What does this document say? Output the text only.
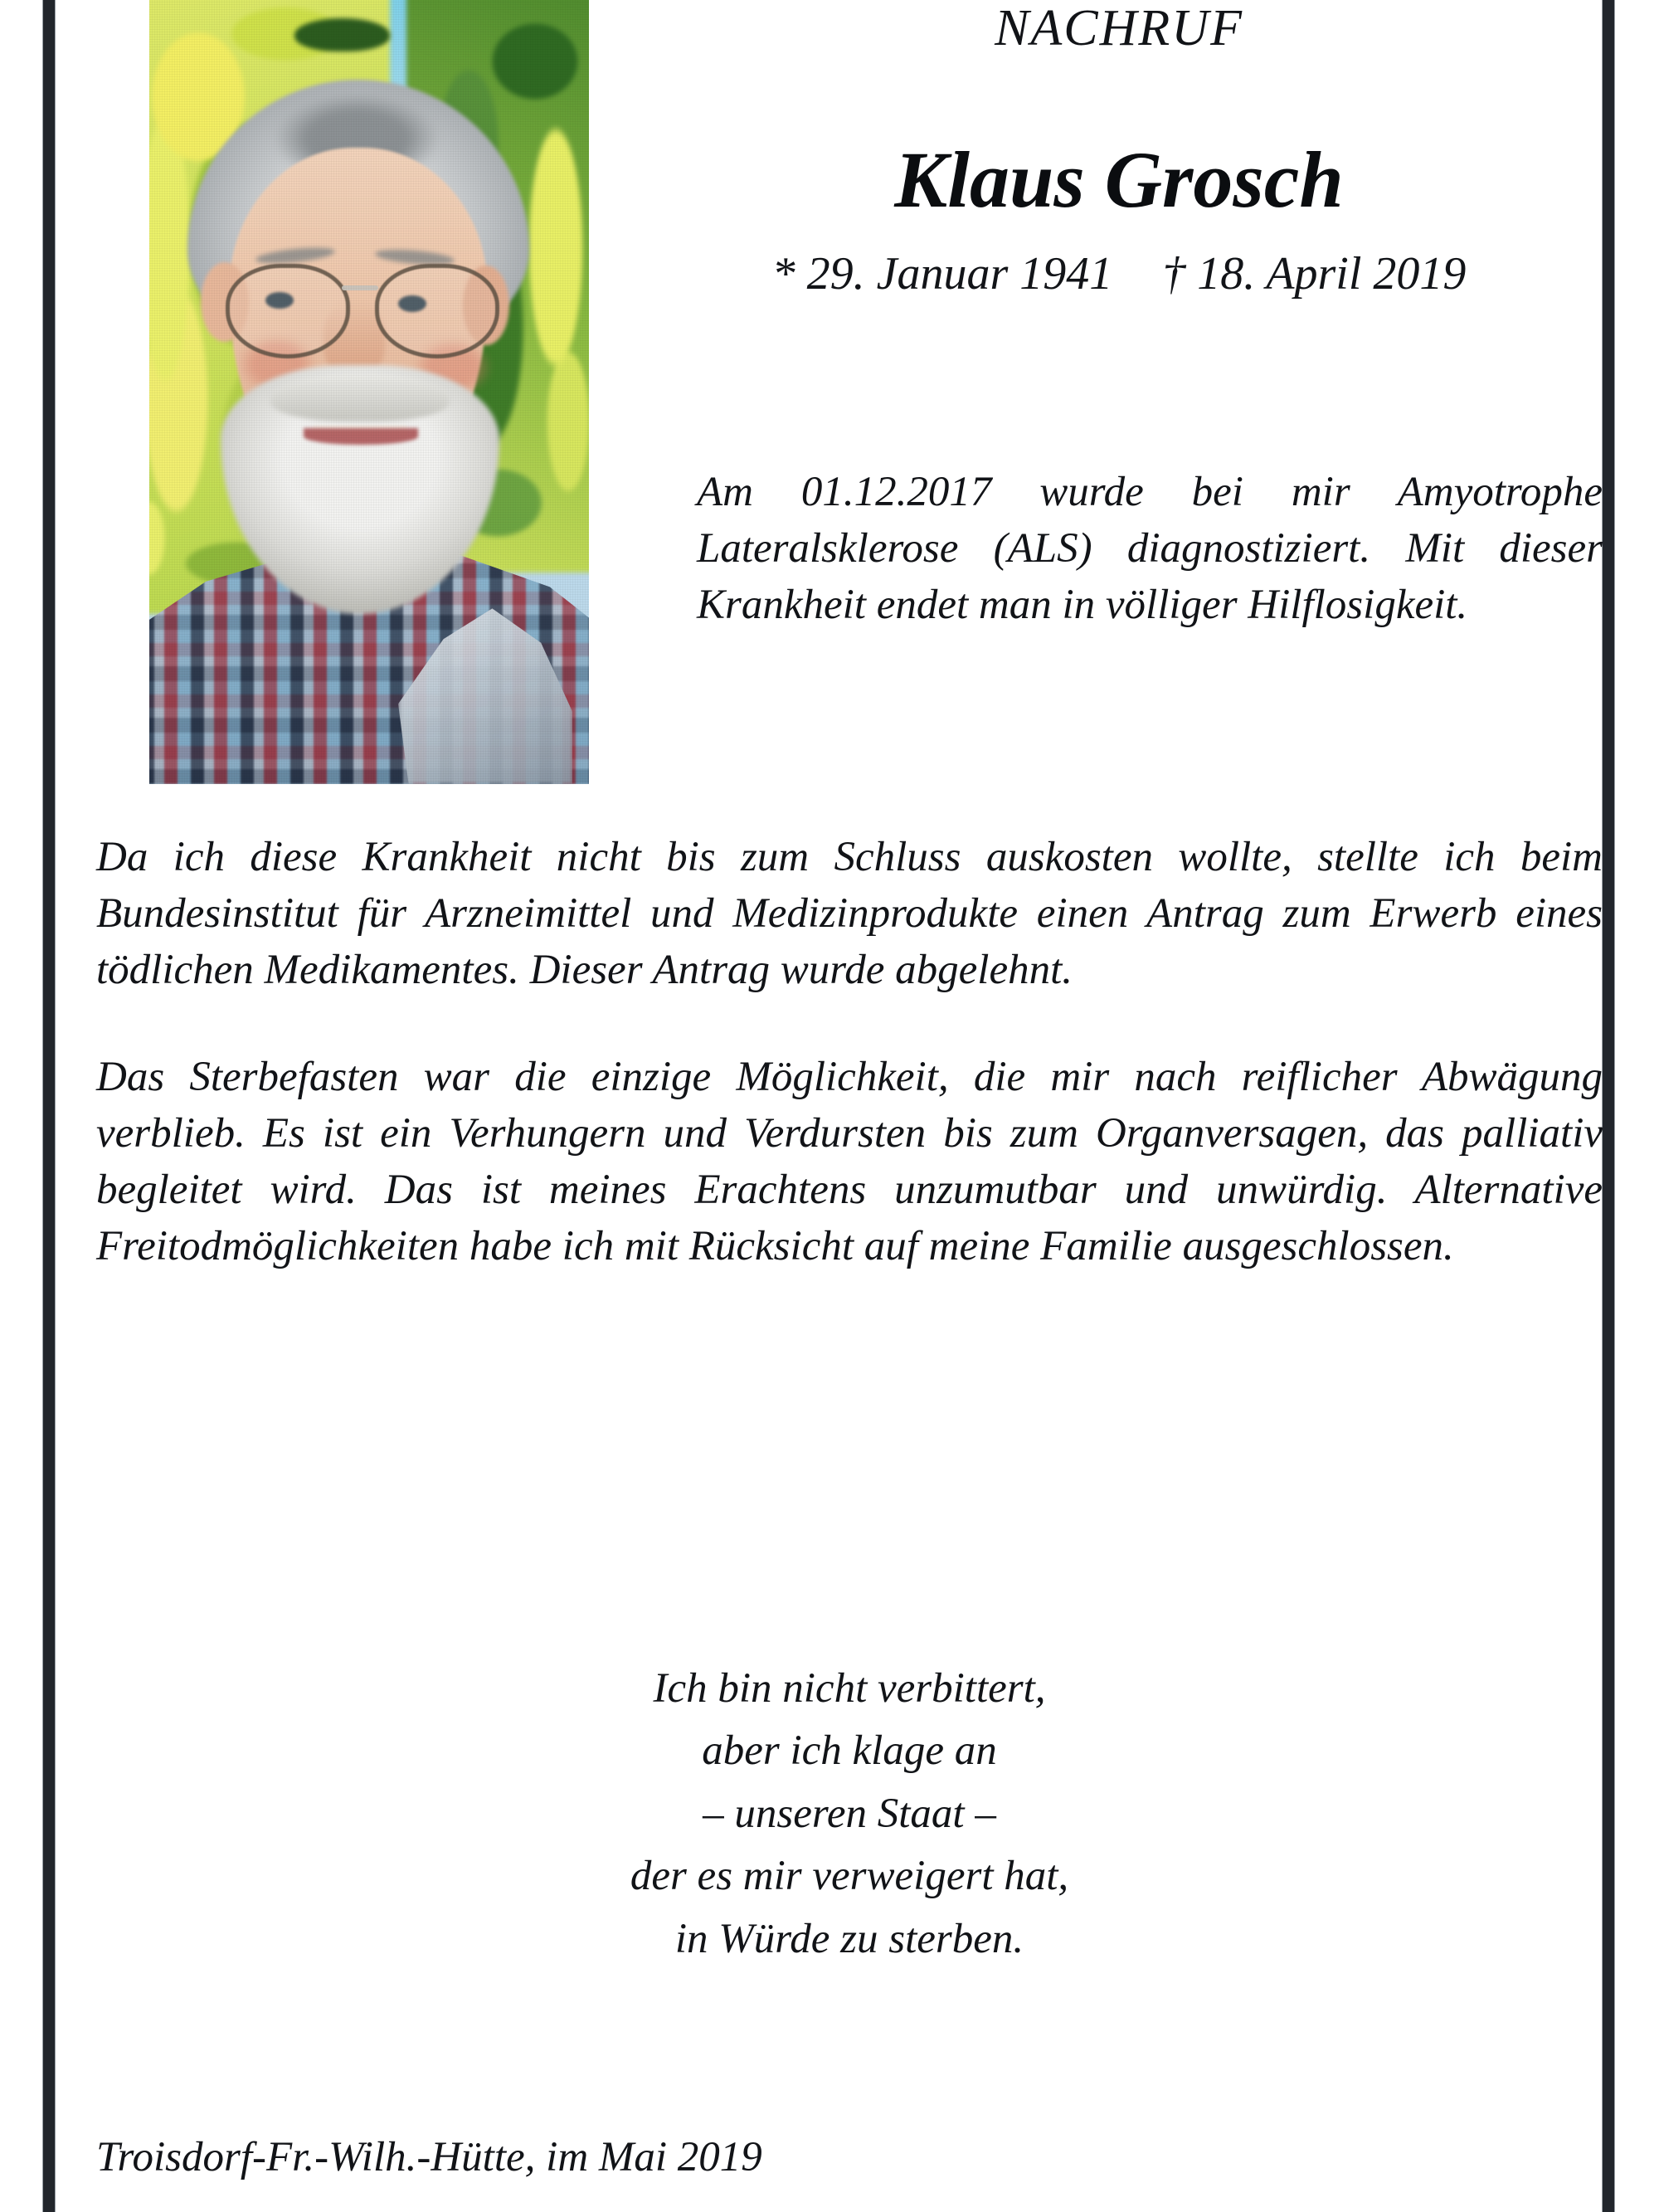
NACHRUF

Klaus Grosch

* 29. Januar 1941 † 18. April 2019

Am 01.12.2017 wurde bei mir Amyotrophe Lateralsklerose (ALS) diagnostiziert. Mit dieser Krankheit endet man in völliger Hilflosigkeit.

Da ich diese Krankheit nicht bis zum Schluss auskosten wollte, stellte ich beim Bundesinstitut für Arzneimittel und Medizinprodukte einen Antrag zum Erwerb eines tödlichen Medikamentes. Dieser Antrag wurde abgelehnt.

Das Sterbefasten war die einzige Möglichkeit, die mir nach reiflicher Abwägung verblieb. Es ist ein Verhungern und Verdursten bis zum Organversagen, das palliativ begleitet wird. Das ist meines Erachtens unzumutbar und unwürdig. Alternative Freitodmöglichkeiten habe ich mit Rücksicht auf meine Familie ausgeschlossen.

Ich bin nicht verbittert,
aber ich klage an
– unseren Staat –
der es mir verweigert hat,
in Würde zu sterben.

Troisdorf-Fr.-Wilh.-Hütte, im Mai 2019
